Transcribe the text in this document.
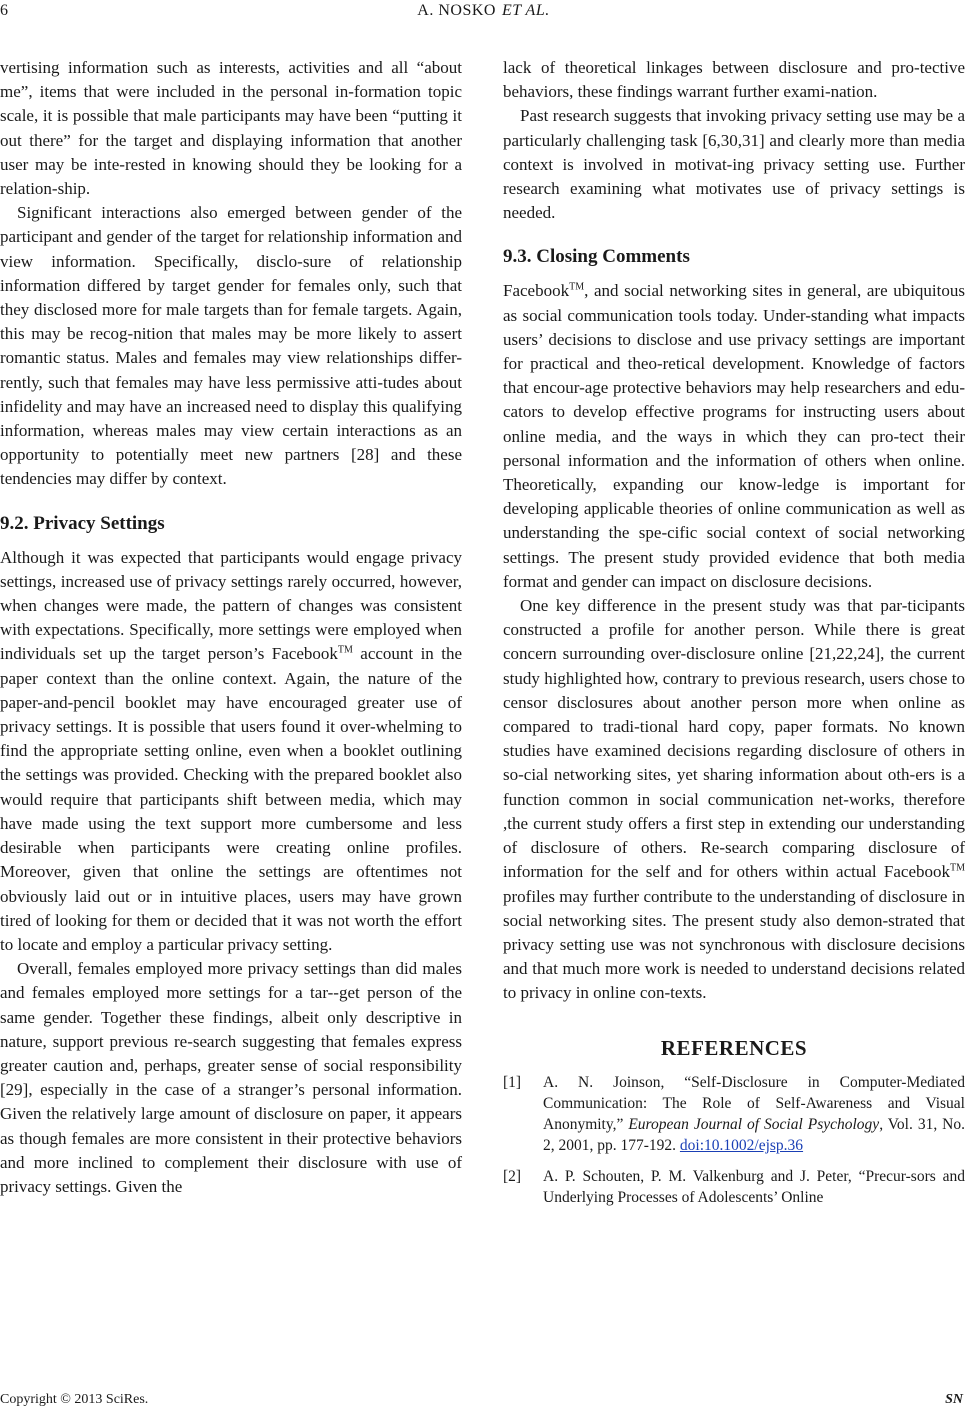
6	A. NOSKO ET AL.

vertising information such as interests, activities and all “about me”, items that were included in the personal in-formation topic scale, it is possible that male participants may have been “putting it out there” for the target and displaying information that another user may be inte-rested in knowing should they be looking for a relation-ship.

Significant interactions also emerged between gender of the participant and gender of the target for relationship information and view information. Specifically, disclo-sure of relationship information differed by target gender for females only, such that they disclosed more for male targets than for female targets. Again, this may be recog-nition that males may be more likely to assert romantic status. Males and females may view relationships differ-rently, such that females may have less permissive atti-tudes about infidelity and may have an increased need to display this qualifying information, whereas males may view certain interactions as an opportunity to potentially meet new partners [28] and these tendencies may differ by context.

9.2. Privacy Settings

Although it was expected that participants would engage privacy settings, increased use of privacy settings rarely occurred, however, when changes were made, the pattern of changes was consistent with expectations. Specifically, more settings were employed when individuals set up the target person’s Facebook™ account in the paper context than the online context. Again, the nature of the paper-and-pencil booklet may have encouraged greater use of privacy settings. It is possible that users found it over-whelming to find the appropriate setting online, even when a booklet outlining the settings was provided. Checking with the prepared booklet also would require that participants shift between media, which may have made using the text support more cumbersome and less desirable when participants were creating online profiles. Moreover, given that online the settings are oftentimes not obviously laid out or in intuitive places, users may have grown tired of looking for them or decided that it was not worth the effort to locate and employ a particular privacy setting.

Overall, females employed more privacy settings than did males and females employed more settings for a tar--get person of the same gender. Together these findings, albeit only descriptive in nature, support previous re-search suggesting that females express greater caution and, perhaps, greater sense of social responsibility [29], especially in the case of a stranger’s personal information. Given the relatively large amount of disclosure on paper, it appears as though females are more consistent in their protective behaviors and more inclined to complement their disclosure with use of privacy settings. Given the

lack of theoretical linkages between disclosure and pro-tective behaviors, these findings warrant further exami-nation.

Past research suggests that invoking privacy setting use may be a particularly challenging task [6,30,31] and clearly more than media context is involved in motivat-ing privacy setting use. Further research examining what motivates use of privacy settings is needed.

9.3. Closing Comments

Facebook™, and social networking sites in general, are ubiquitous as social communication tools today. Under-standing what impacts users’ decisions to disclose and use privacy settings are important for practical and theo-retical development. Knowledge of factors that encour-age protective behaviors may help researchers and edu-cators to develop effective programs for instructing users about online media, and the ways in which they can pro-tect their personal information and the information of others when online. Theoretically, expanding our know-ledge is important for developing applicable theories of online communication as well as understanding the spe-cific social context of social networking settings. The present study provided evidence that both media format and gender can impact on disclosure decisions.

One key difference in the present study was that par-ticipants constructed a profile for another person. While there is great concern surrounding over-disclosure online [21,22,24], the current study highlighted how, contrary to previous research, users chose to censor disclosures about another person more when online as compared to tradi-tional hard copy, paper formats. No known studies have examined decisions regarding disclosure of others in so-cial networking sites, yet sharing information about oth-ers is a function common in social communication net-works, therefore ,the current study offers a first step in extending our understanding of disclosure of others. Re-search comparing disclosure of information for the self and for others within actual Facebook™ profiles may further contribute to the understanding of disclosure in social networking sites. The present study also demon-strated that privacy setting use was not synchronous with disclosure decisions and that much more work is needed to understand decisions related to privacy in online con-texts.

REFERENCES
[1]	A. N. Joinson, “Self-Disclosure in Computer-Mediated Communication: The Role of Self-Awareness and Visual Anonymity,” European Journal of Social Psychology, Vol. 31, No. 2, 2001, pp. 177-192. doi:10.1002/ejsp.36
[2]	A. P. Schouten, P. M. Valkenburg and J. Peter, “Precur-sors and Underlying Processes of Adolescents’ Online
Copyright © 2013 SciRes.	SN
